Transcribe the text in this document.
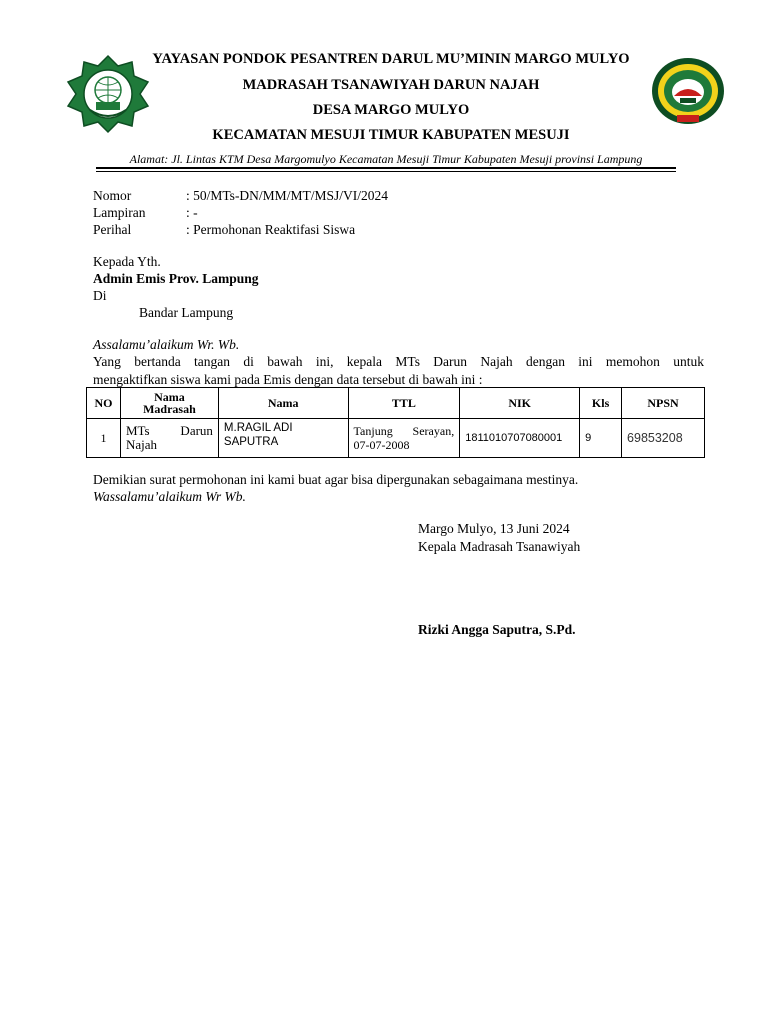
YAYASAN PONDOK PESANTREN DARUL MU’MININ MARGO MULYO
MADRASAH TSANAWIYAH DARUN NAJAH
DESA MARGO MULYO
KECAMATAN MESUJI TIMUR KABUPATEN MESUJI
Alamat: Jl. Lintas KTM Desa Margomulyo Kecamatan Mesuji Timur Kabupaten Mesuji provinsi Lampung
Nomor	: 50/MTs-DN/MM/MT/MSJ/VI/2024
Lampiran	: -
Perihal	: Permohonan Reaktifasi Siswa
Kepada Yth.
Admin Emis Prov. Lampung
Di
Bandar Lampung
Assalamu’alaikum Wr. Wb.
Yang bertanda tangan di bawah ini, kepala MTs Darun Najah dengan ini memohon untuk
mengaktifkan siswa kami pada Emis dengan data tersebut di bawah ini :
NO	Nama Madrasah	Nama	TTL	NIK	Kls	NPSN
1	MTs Darun Najah	M.RAGIL ADI SAPUTRA	Tanjung Serayan, 07-07-2008	1811010707080001	9	69853208
Demikian surat permohonan ini kami buat agar bisa dipergunakan sebagaimana mestinya.
Wassalamu’alaikum Wr Wb.
Margo Mulyo, 13 Juni 2024
Kepala Madrasah Tsanawiyah
Rizki Angga Saputra, S.Pd.
